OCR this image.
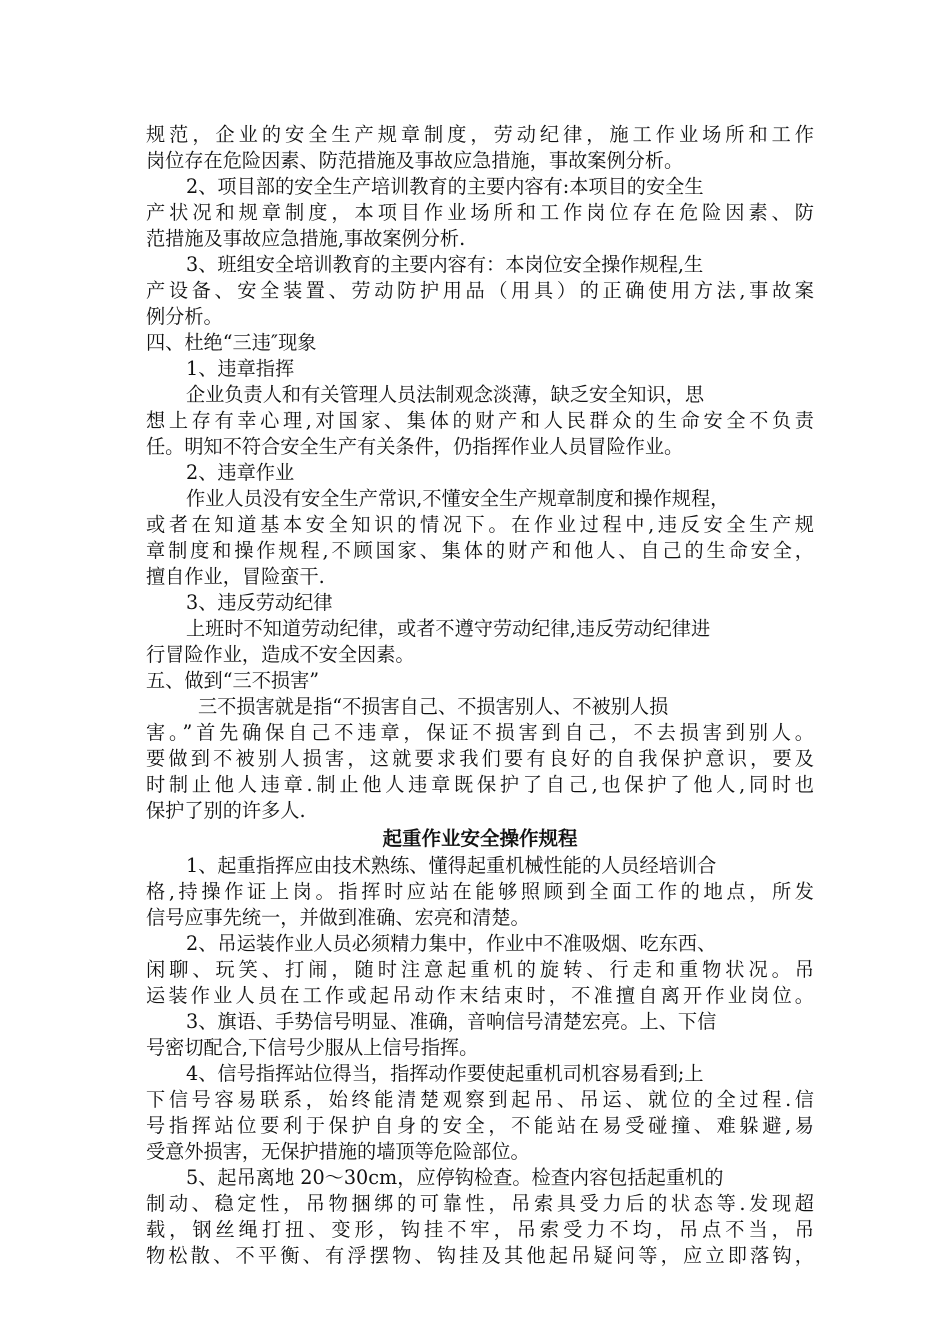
规范，企业的安全生产规章制度，劳动纪律，施工作业场所和工作
岗位存在危险因素、防范措施及事故应急措施，事故案例分析。
2、项目部的安全生产培训教育的主要内容有:本项目的安全生
产状况和规章制度，本项目作业场所和工作岗位存在危险因素、防
范措施及事故应急措施,事故案例分析.
3、班组安全培训教育的主要内容有：本岗位安全操作规程,生
产设备、安全装置、劳动防护用品（用具）的正确使用方法,事故案
例分析。
四、杜绝“三违″现象
1、违章指挥
企业负责人和有关管理人员法制观念淡薄，缺乏安全知识，思
想上存有幸心理,对国家、集体的财产和人民群众的生命安全不负责
任。明知不符合安全生产有关条件，仍指挥作业人员冒险作业。
2、违章作业
作业人员没有安全生产常识,不懂安全生产规章制度和操作规程，
或者在知道基本安全知识的情况下。在作业过程中,违反安全生产规
章制度和操作规程,不顾国家、集体的财产和他人、自己的生命安全，
擅自作业，冒险蛮干.
3、违反劳动纪律
上班时不知道劳动纪律，或者不遵守劳动纪律,违反劳动纪律进
行冒险作业，造成不安全因素。
五、做到“三不损害”
三不损害就是指“不损害自己、不损害别人、不被别人损
害。”首先确保自己不违章，保证不损害到自己，不去损害到别人。
要做到不被别人损害，这就要求我们要有良好的自我保护意识，要及
时制止他人违章.制止他人违章既保护了自己,也保护了他人,同时也
保护了别的许多人.
起重作业安全操作规程
1、起重指挥应由技术熟练、懂得起重机械性能的人员经培训合
格,持操作证上岗。指挥时应站在能够照顾到全面工作的地点，所发
信号应事先统一，并做到准确、宏亮和清楚。
2、吊运装作业人员必须精力集中，作业中不准吸烟、吃东西、
闲聊、玩笑、打闹，随时注意起重机的旋转、行走和重物状况。吊
运装作业人员在工作或起吊动作末结束时，不准擅自离开作业岗位。
3、旗语、手势信号明显、准确，音响信号清楚宏亮。上、下信
号密切配合,下信号少服从上信号指挥。
4、信号指挥站位得当，指挥动作要使起重机司机容易看到;上
下信号容易联系，始终能清楚观察到起吊、吊运、就位的全过程.信
号指挥站位要利于保护自身的安全，不能站在易受碰撞、难躲避,易
受意外损害，无保护措施的墙顶等危险部位。
5、起吊离地 20～30cm，应停钩检查。检查内容包括起重机的
制动、稳定性，吊物捆绑的可靠性，吊索具受力后的状态等.发现超
载，钢丝绳打扭、变形，钩挂不牢，吊索受力不均，吊点不当，吊
物松散、不平衡、有浮摆物、钩挂及其他起吊疑问等，应立即落钩，
